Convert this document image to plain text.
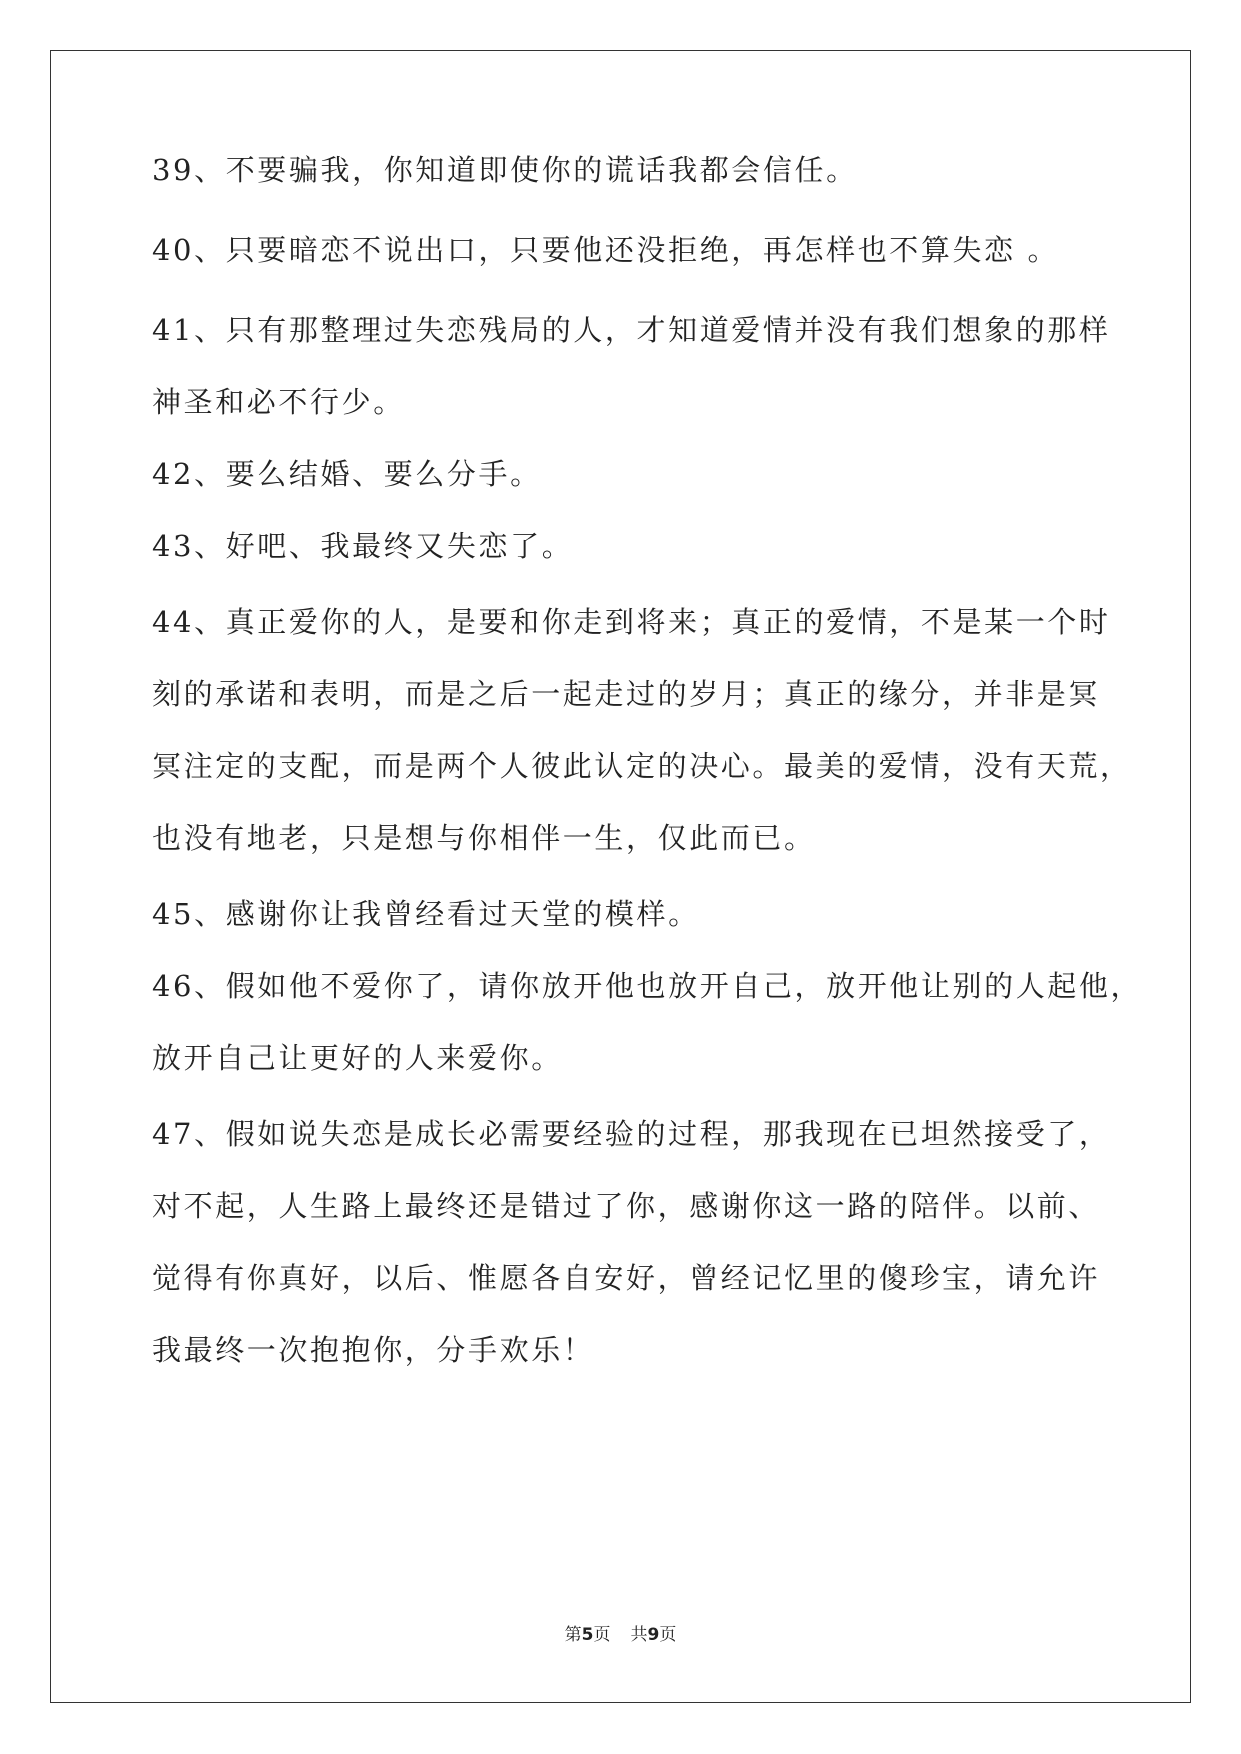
39、不要骗我，你知道即使你的谎话我都会信任。
40、只要暗恋不说出口，只要他还没拒绝，再怎样也不算失恋 。
41、只有那整理过失恋残局的人，才知道爱情并没有我们想象的那样
神圣和必不行少。
42、要么结婚、要么分手。
43、好吧、我最终又失恋了。
44、真正爱你的人，是要和你走到将来；真正的爱情，不是某一个时
刻的承诺和表明，而是之后一起走过的岁月；真正的缘分，并非是冥
冥注定的支配，而是两个人彼此认定的决心。最美的爱情，没有天荒，
也没有地老，只是想与你相伴一生，仅此而已。
45、感谢你让我曾经看过天堂的模样。
46、假如他不爱你了，请你放开他也放开自己，放开他让别的人起他，
放开自己让更好的人来爱你。
47、假如说失恋是成长必需要经验的过程，那我现在已坦然接受了，
对不起，人生路上最终还是错过了你，感谢你这一路的陪伴。以前、
觉得有你真好，以后、惟愿各自安好，曾经记忆里的傻珍宝，请允许
我最终一次抱抱你，分手欢乐！
第5页 共9页
